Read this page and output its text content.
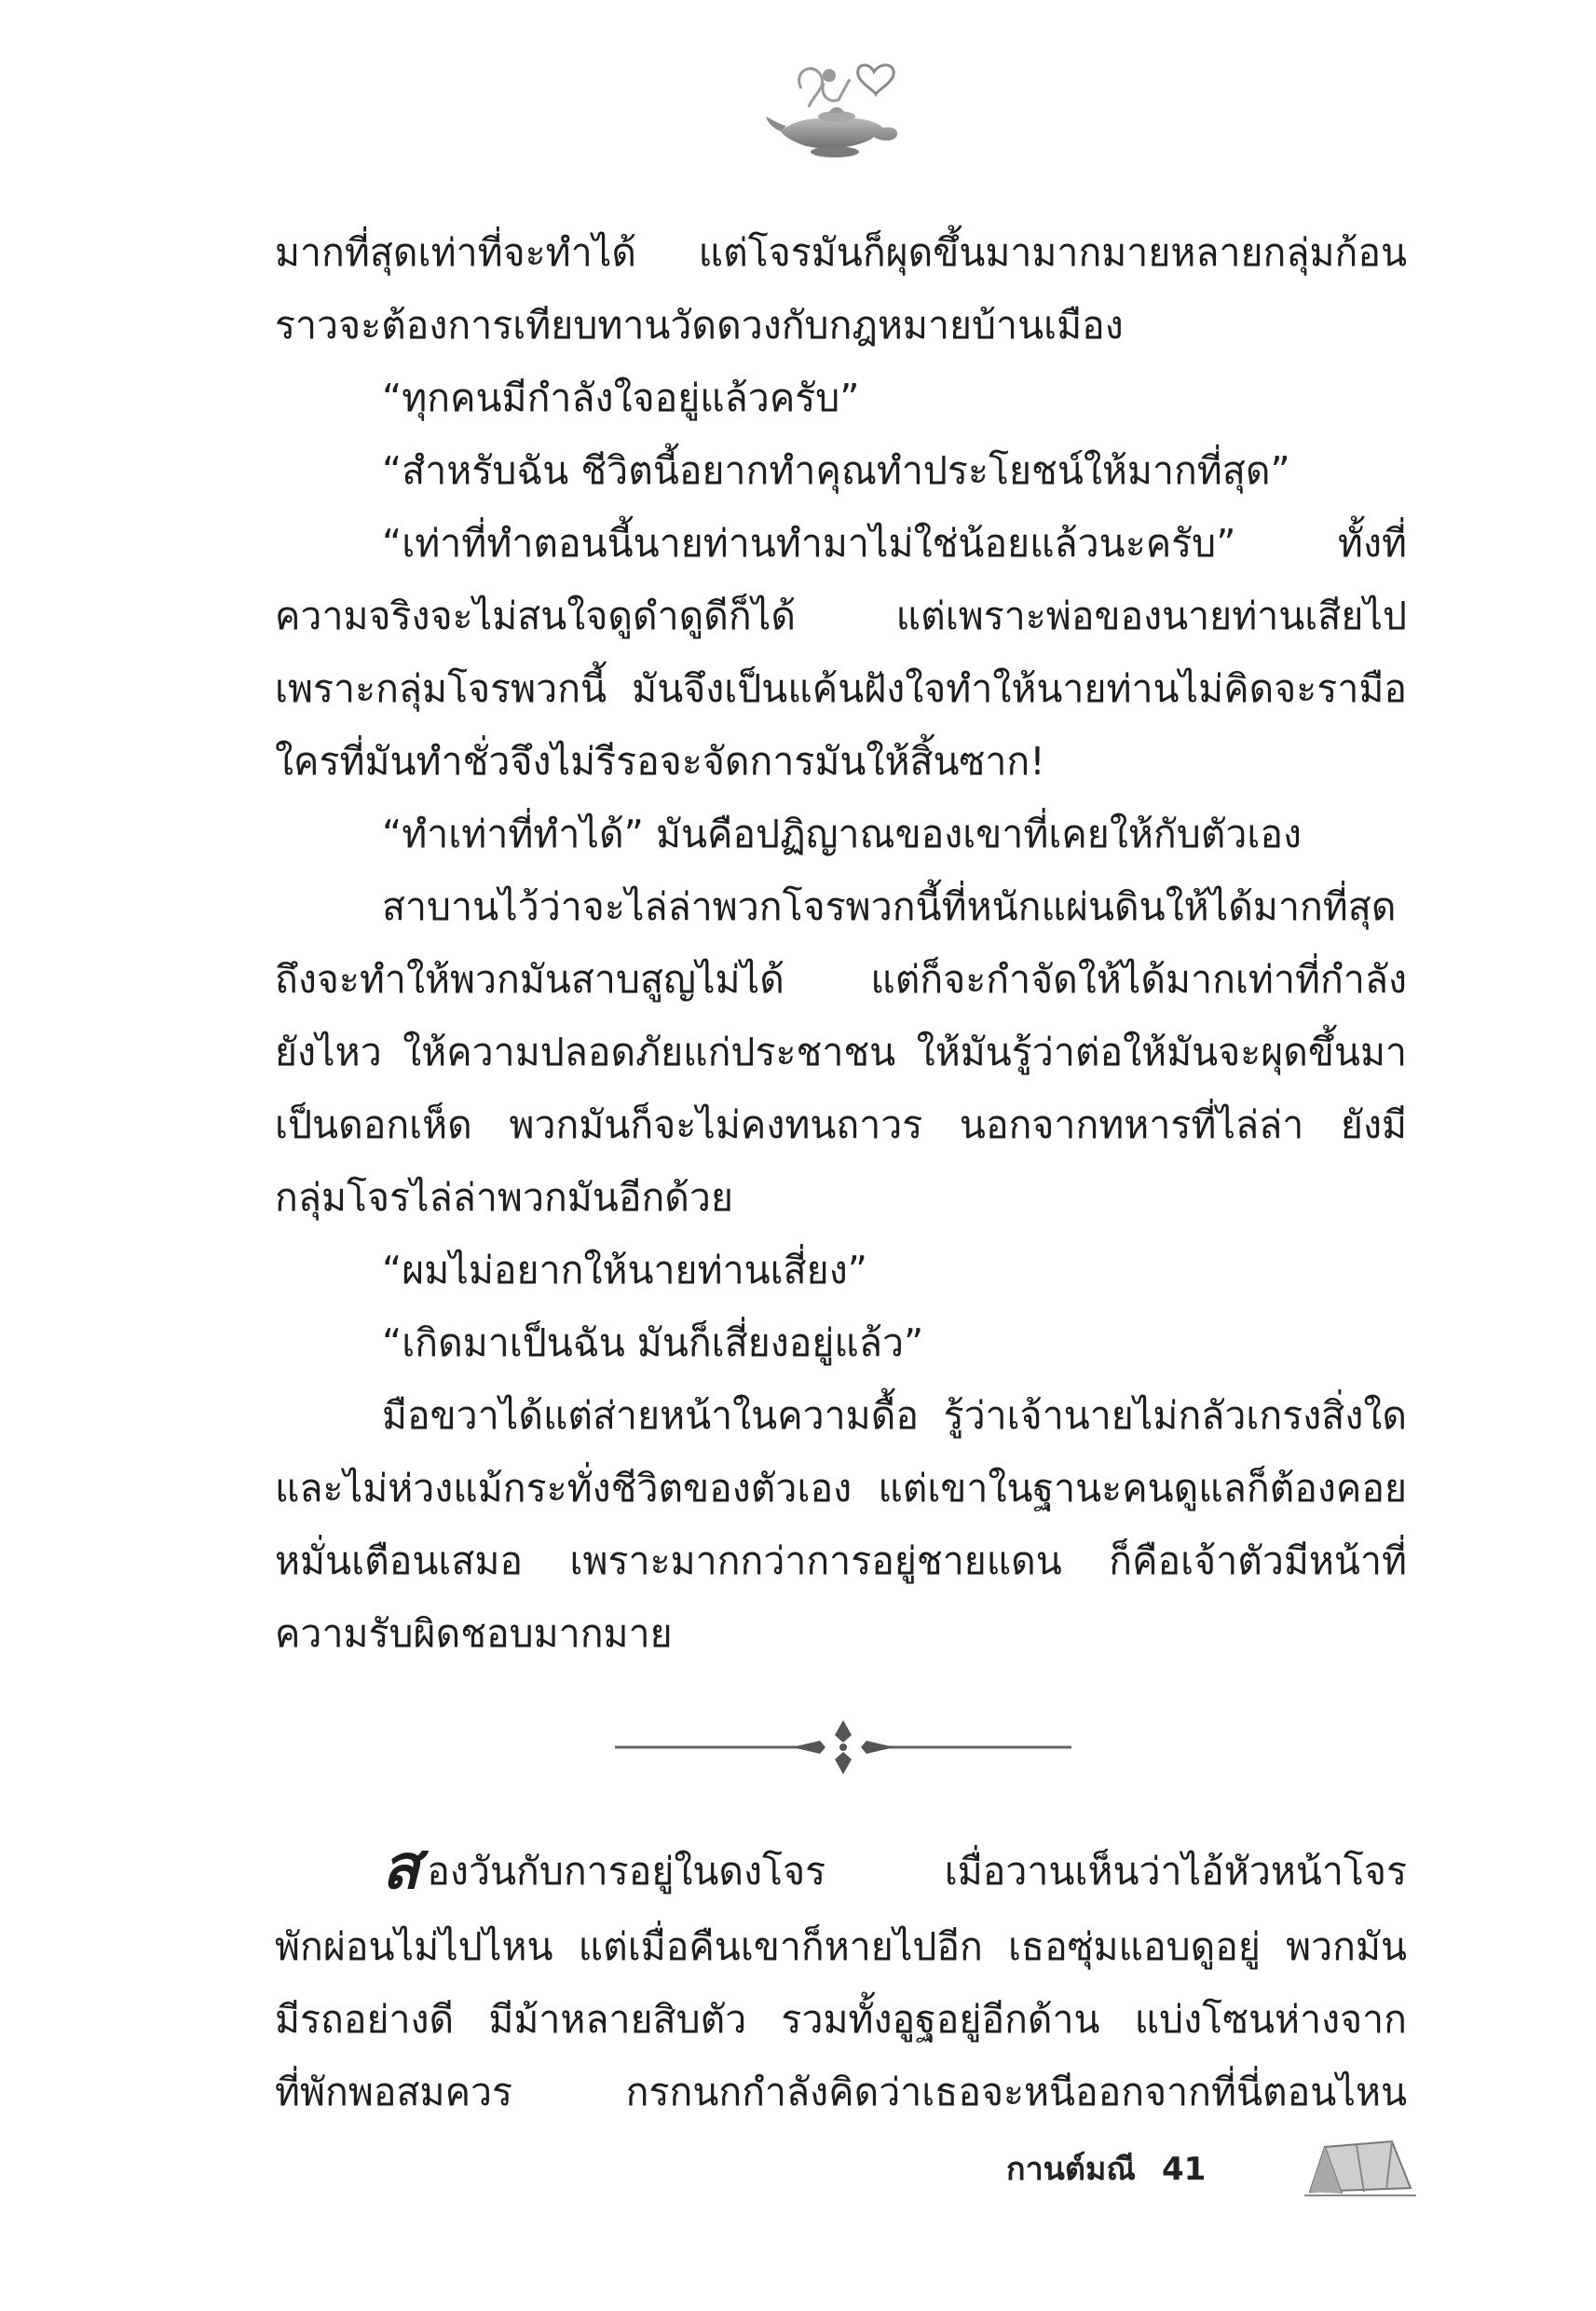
มากที่สุดเท่าที่จะทำได้ แต่โจรมันก็ผุดขึ้นมามากมายหลายกลุ่มก้อน
ราวจะต้องการเทียบทานวัดดวงกับกฎหมายบ้านเมือง
“ทุกคนมีกำลังใจอยู่แล้วครับ”
“สำหรับฉัน ชีวิตนี้อยากทำคุณทำประโยชน์ให้มากที่สุด”
“เท่าที่ทำตอนนี้นายท่านทำมาไม่ใช่น้อยแล้วนะครับ” ทั้งที่
ความจริงจะไม่สนใจดูดำดูดีก็ได้ แต่เพราะพ่อของนายท่านเสียไป
เพราะกลุ่มโจรพวกนี้ มันจึงเป็นแค้นฝังใจทำให้นายท่านไม่คิดจะรามือ
ใครที่มันทำชั่วจึงไม่รีรอจะจัดการมันให้สิ้นซาก!
“ทำเท่าที่ทำได้” มันคือปฏิญาณของเขาที่เคยให้กับตัวเอง
สาบานไว้ว่าจะไล่ล่าพวกโจรพวกนี้ที่หนักแผ่นดินให้ได้มากที่สุด
ถึงจะทำให้พวกมันสาบสูญไม่ได้ แต่ก็จะกำจัดให้ได้มากเท่าที่กำลัง
ยังไหว ให้ความปลอดภัยแก่ประชาชน ให้มันรู้ว่าต่อให้มันจะผุดขึ้นมา
เป็นดอกเห็ด พวกมันก็จะไม่คงทนถาวร นอกจากทหารที่ไล่ล่า ยังมี
กลุ่มโจรไล่ล่าพวกมันอีกด้วย
“ผมไม่อยากให้นายท่านเสี่ยง”
“เกิดมาเป็นฉัน มันก็เสี่ยงอยู่แล้ว”
มือขวาได้แต่ส่ายหน้าในความดื้อ รู้ว่าเจ้านายไม่กลัวเกรงสิ่งใด
และไม่ห่วงแม้กระทั่งชีวิตของตัวเอง แต่เขาในฐานะคนดูแลก็ต้องคอย
หมั่นเตือนเสมอ เพราะมากกว่าการอยู่ชายแดน ก็คือเจ้าตัวมีหน้าที่
ความรับผิดชอบมากมาย
สองวันกับการอยู่ในดงโจร เมื่อวานเห็นว่าไอ้หัวหน้าโจร
พักผ่อนไม่ไปไหน แต่เมื่อคืนเขาก็หายไปอีก เธอซุ่มแอบดูอยู่ พวกมัน
มีรถอย่างดี มีม้าหลายสิบตัว รวมทั้งอูฐอยู่อีกด้าน แบ่งโซนห่างจาก
ที่พักพอสมควร กรกนกกำลังคิดว่าเธอจะหนีออกจากที่นี่ตอนไหน
กานต์มณี 41
